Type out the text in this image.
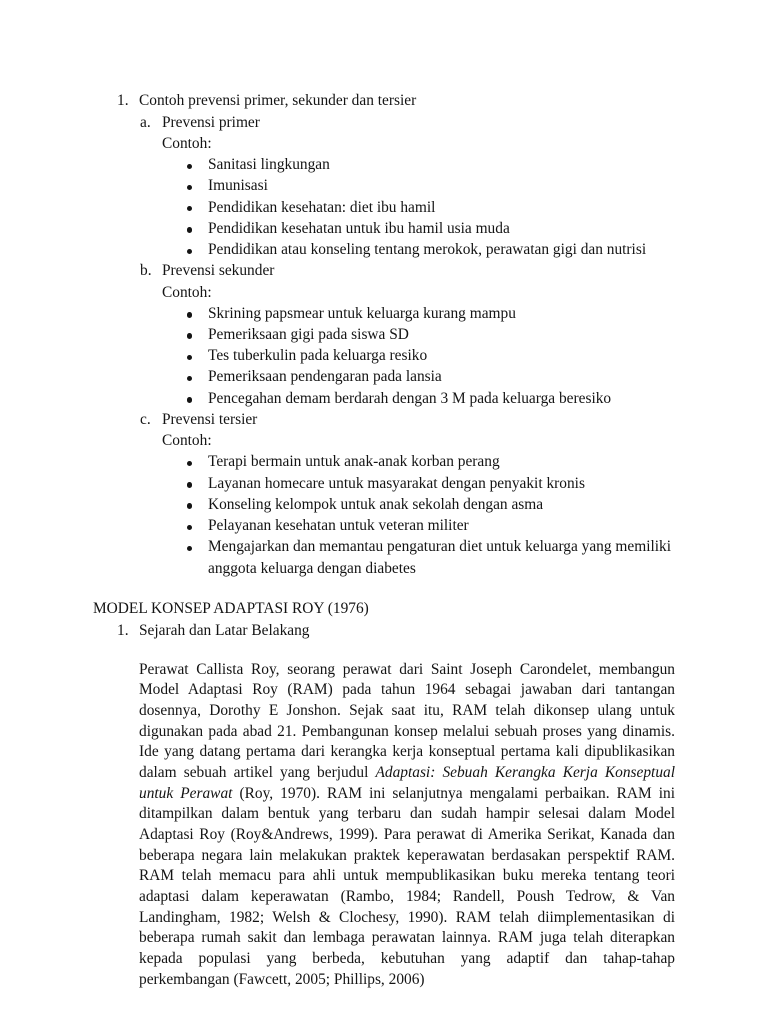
1. Contoh prevensi primer, sekunder dan tersier
a. Prevensi primer
Contoh:
Sanitasi lingkungan
Imunisasi
Pendidikan kesehatan: diet ibu hamil
Pendidikan kesehatan untuk ibu hamil usia muda
Pendidikan atau konseling tentang merokok, perawatan gigi dan nutrisi
b. Prevensi sekunder
Contoh:
Skrining papsmear untuk keluarga kurang mampu
Pemeriksaan gigi pada siswa SD
Tes tuberkulin pada keluarga resiko
Pemeriksaan pendengaran pada lansia
Pencegahan demam berdarah dengan 3 M pada keluarga beresiko
c. Prevensi tersier
Contoh:
Terapi bermain untuk anak-anak korban perang
Layanan homecare untuk masyarakat dengan penyakit kronis
Konseling kelompok untuk anak sekolah dengan asma
Pelayanan kesehatan untuk veteran militer
Mengajarkan dan memantau pengaturan diet untuk keluarga yang memiliki anggota keluarga dengan diabetes
MODEL KONSEP ADAPTASI ROY (1976)
1. Sejarah dan Latar Belakang
Perawat Callista Roy, seorang perawat dari Saint Joseph Carondelet, membangun
Model Adaptasi Roy (RAM) pada tahun 1964 sebagai jawaban dari tantangan
dosennya, Dorothy E Jonshon. Sejak saat itu, RAM telah dikonsep ulang untuk
digunakan pada abad 21. Pembangunan konsep melalui sebuah proses yang dinamis.
Ide yang datang pertama dari kerangka kerja konseptual pertama kali dipublikasikan
dalam sebuah artikel yang berjudul Adaptasi: Sebuah Kerangka Kerja Konseptual
untuk Perawat (Roy, 1970). RAM ini selanjutnya mengalami perbaikan. RAM ini
ditampilkan dalam bentuk yang terbaru dan sudah hampir selesai dalam Model
Adaptasi Roy (Roy&Andrews, 1999). Para perawat di Amerika Serikat, Kanada dan
beberapa negara lain melakukan praktek keperawatan berdasakan perspektif RAM.
RAM telah memacu para ahli untuk mempublikasikan buku mereka tentang teori
adaptasi dalam keperawatan (Rambo, 1984; Randell, Poush Tedrow, & Van
Landingham, 1982; Welsh & Clochesy, 1990). RAM telah diimplementasikan di
beberapa rumah sakit dan lembaga perawatan lainnya. RAM juga telah diterapkan
kepada populasi yang berbeda, kebutuhan yang adaptif dan tahap-tahap
perkembangan (Fawcett, 2005; Phillips, 2006)
